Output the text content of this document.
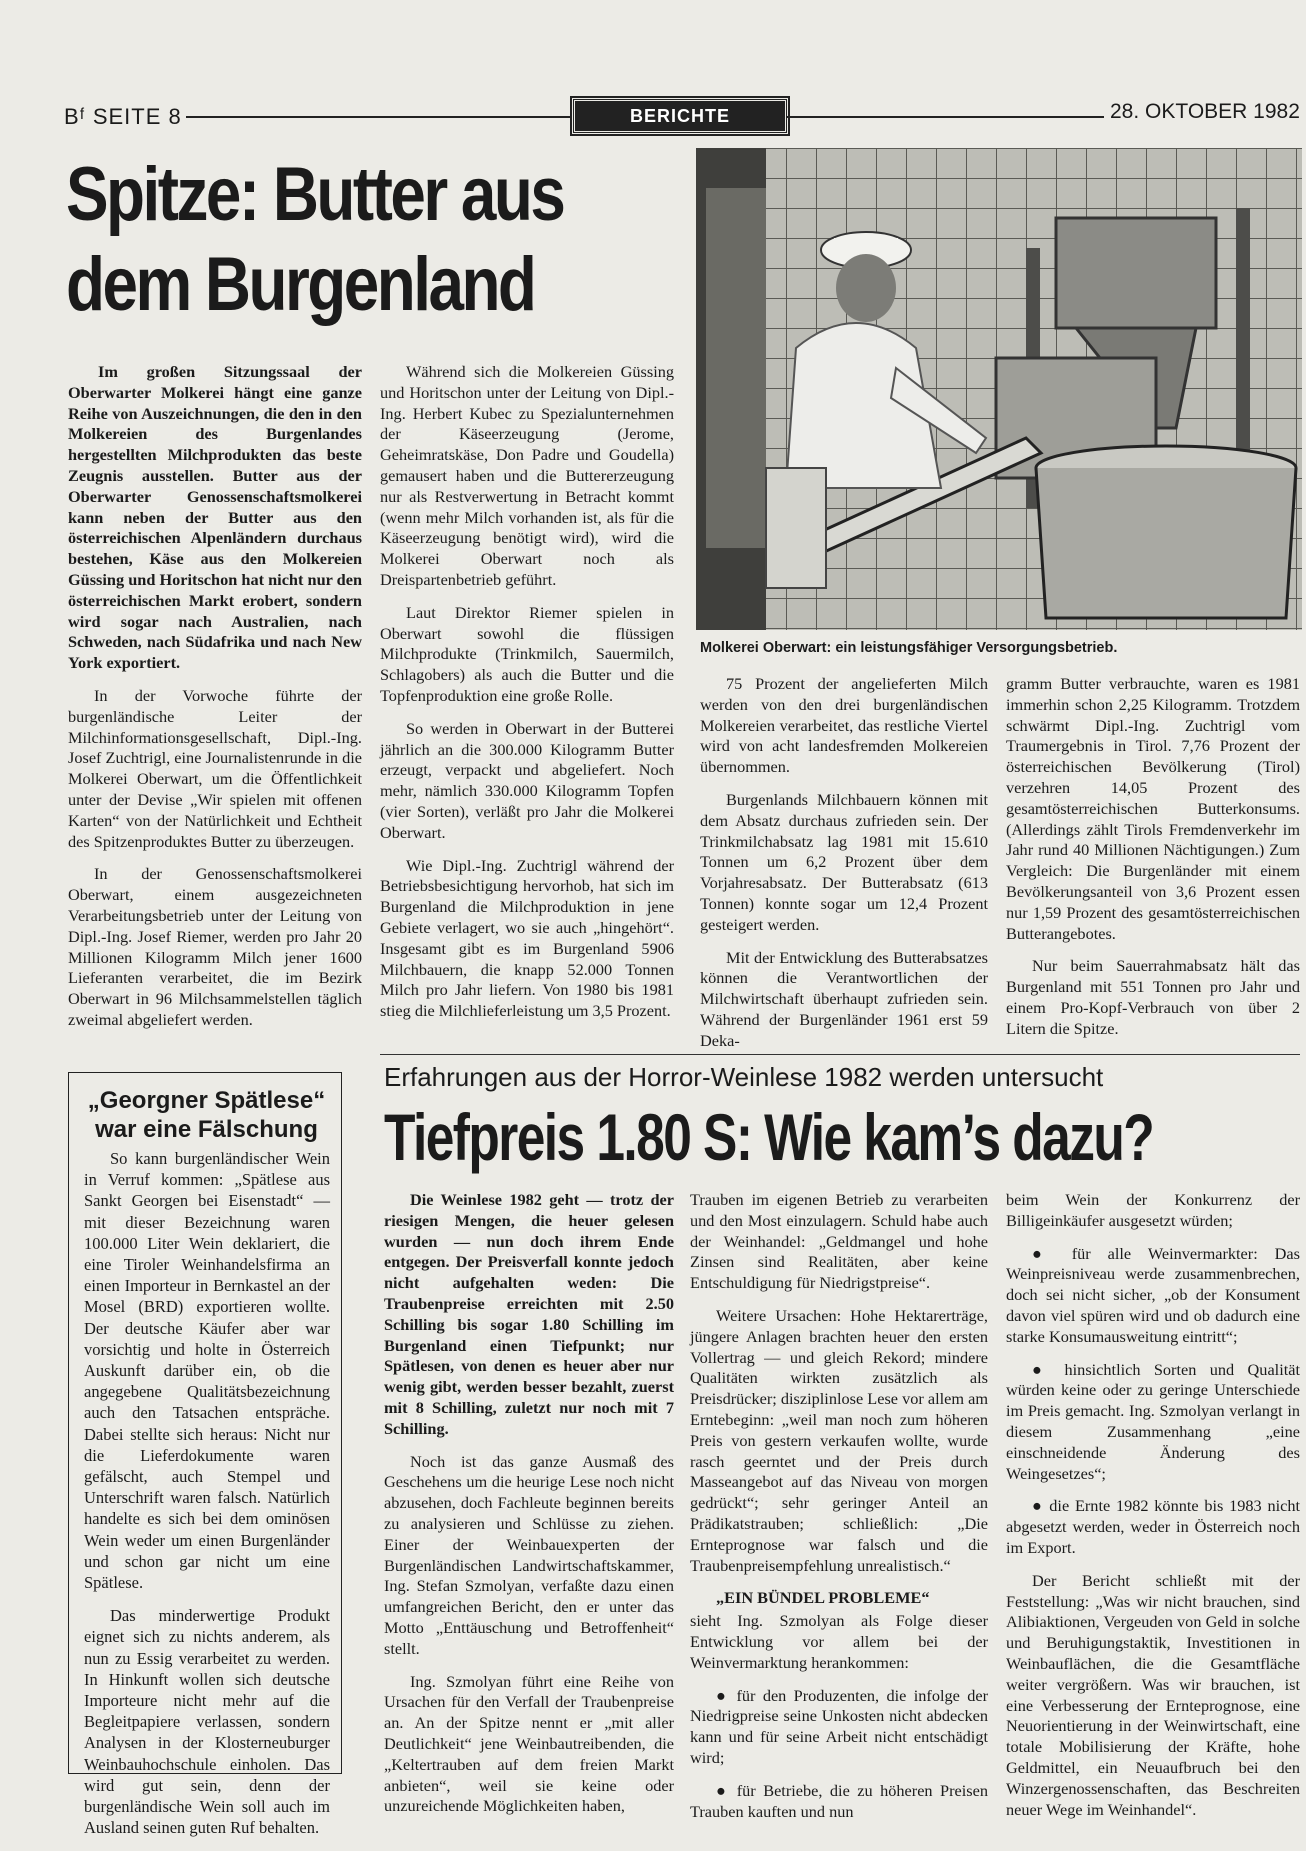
Bᶠ SEITE 8	BERICHTE	28. OKTOBER 1982
Spitze: Butter aus
dem Burgenland
Molkerei Oberwart: ein leistungsfähiger Versorgungsbetrieb.

Im großen Sitzungssaal der Oberwarter Molkerei hängt eine ganze Reihe von Auszeichnungen, die den in den Molkereien des Burgenlandes hergestellten Milchprodukten das beste Zeugnis ausstellen. Butter aus der Oberwarter Genossenschaftsmolkerei kann neben der Butter aus den österreichischen Alpenländern durchaus bestehen, Käse aus den Molkereien Güssing und Horitschon hat nicht nur den österreichischen Markt erobert, sondern wird sogar nach Australien, nach Schweden, nach Südafrika und nach New York exportiert.

In der Vorwoche führte der burgenländische Leiter der Milchinformationsgesellschaft, Dipl.-Ing. Josef Zuchtrigl, eine Journalistenrunde in die Molkerei Oberwart, um die Öffentlichkeit unter der Devise „Wir spielen mit offenen Karten“ von der Natürlichkeit und Echtheit des Spitzenproduktes Butter zu überzeugen.

In der Genossenschaftsmolkerei Oberwart, einem ausgezeichneten Verarbeitungsbetrieb unter der Leitung von Dipl.-Ing. Josef Riemer, werden pro Jahr 20 Millionen Kilogramm Milch jener 1600 Lieferanten verarbeitet, die im Bezirk Oberwart in 96 Milchsammelstellen täglich zweimal abgeliefert werden.

Während sich die Molkereien Güssing und Horitschon unter der Leitung von Dipl.-Ing. Herbert Kubec zu Spezialunternehmen der Käseerzeugung (Jerome, Geheimratskäse, Don Padre und Goudella) gemausert haben und die Buttererzeugung nur als Restverwertung in Betracht kommt (wenn mehr Milch vorhanden ist, als für die Käseerzeugung benötigt wird), wird die Molkerei Oberwart noch als Dreispartenbetrieb geführt.

Laut Direktor Riemer spielen in Oberwart sowohl die flüssigen Milchprodukte (Trinkmilch, Sauermilch, Schlagobers) als auch die Butter und die Topfenproduktion eine große Rolle.

So werden in Oberwart in der Butterei jährlich an die 300.000 Kilogramm Butter erzeugt, verpackt und abgeliefert. Noch mehr, nämlich 330.000 Kilogramm Topfen (vier Sorten), verläßt pro Jahr die Molkerei Oberwart.

Wie Dipl.-Ing. Zuchtrigl während der Betriebsbesichtigung hervorhob, hat sich im Burgenland die Milchproduktion in jene Gebiete verlagert, wo sie auch „hingehört“. Insgesamt gibt es im Burgenland 5906 Milchbauern, die knapp 52.000 Tonnen Milch pro Jahr liefern. Von 1980 bis 1981 stieg die Milchlieferleistung um 3,5 Prozent.

75 Prozent der angelieferten Milch werden von den drei burgenländischen Molkereien verarbeitet, das restliche Viertel wird von acht landesfremden Molkereien übernommen.

Burgenlands Milchbauern können mit dem Absatz durchaus zufrieden sein. Der Trinkmilchabsatz lag 1981 mit 15.610 Tonnen um 6,2 Prozent über dem Vorjahresabsatz. Der Butterabsatz (613 Tonnen) konnte sogar um 12,4 Prozent gesteigert werden.

Mit der Entwicklung des Butterabsatzes können die Verantwortlichen der Milchwirtschaft überhaupt zufrieden sein. Während der Burgenländer 1961 erst 59 Deka-

gramm Butter verbrauchte, waren es 1981 immerhin schon 2,25 Kilogramm. Trotzdem schwärmt Dipl.-Ing. Zuchtrigl vom Traumergebnis in Tirol. 7,76 Prozent der österreichischen Bevölkerung (Tirol) verzehren 14,05 Prozent des gesamtösterreichischen Butterkonsums. (Allerdings zählt Tirols Fremdenverkehr im Jahr rund 40 Millionen Nächtigungen.) Zum Vergleich: Die Burgenländer mit einem Bevölkerungsanteil von 3,6 Prozent essen nur 1,59 Prozent des gesamtösterreichischen Butterangebotes.

Nur beim Sauerrahmabsatz hält das Burgenland mit 551 Tonnen pro Jahr und einem Pro-Kopf-Verbrauch von über 2 Litern die Spitze.

„Georgner Spätlese“
war eine Fälschung

So kann burgenländischer Wein in Verruf kommen: „Spätlese aus Sankt Georgen bei Eisenstadt“ — mit dieser Bezeichnung waren 100.000 Liter Wein deklariert, die eine Tiroler Weinhandelsfirma an einen Importeur in Bernkastel an der Mosel (BRD) exportieren wollte. Der deutsche Käufer aber war vorsichtig und holte in Österreich Auskunft darüber ein, ob die angegebene Qualitätsbezeichnung auch den Tatsachen entspräche. Dabei stellte sich heraus: Nicht nur die Lieferdokumente waren gefälscht, auch Stempel und Unterschrift waren falsch. Natürlich handelte es sich bei dem ominösen Wein weder um einen Burgenländer und schon gar nicht um eine Spätlese.

Das minderwertige Produkt eignet sich zu nichts anderem, als nun zu Essig verarbeitet zu werden. In Hinkunft wollen sich deutsche Importeure nicht mehr auf die Begleitpapiere verlassen, sondern Analysen in der Klosterneuburger Weinbauhochschule einholen. Das wird gut sein, denn der burgenländische Wein soll auch im Ausland seinen guten Ruf behalten.

Erfahrungen aus der Horror-Weinlese 1982 werden untersucht
Tiefpreis 1.80 S: Wie kam’s dazu?

Die Weinlese 1982 geht — trotz der riesigen Mengen, die heuer gelesen wurden — nun doch ihrem Ende entgegen. Der Preisverfall konnte jedoch nicht aufgehalten weden: Die Traubenpreise erreichten mit 2.50 Schilling bis sogar 1.80 Schilling im Burgenland einen Tiefpunkt; nur Spätlesen, von denen es heuer aber nur wenig gibt, werden besser bezahlt, zuerst mit 8 Schilling, zuletzt nur noch mit 7 Schilling.

Noch ist das ganze Ausmaß des Geschehens um die heurige Lese noch nicht abzusehen, doch Fachleute beginnen bereits zu analysieren und Schlüsse zu ziehen. Einer der Weinbauexperten der Burgenländischen Landwirtschaftskammer, Ing. Stefan Szmolyan, verfaßte dazu einen umfangreichen Bericht, den er unter das Motto „Enttäuschung und Betroffenheit“ stellt.

Ing. Szmolyan führt eine Reihe von Ursachen für den Verfall der Traubenpreise an. An der Spitze nennt er „mit aller Deutlichkeit“ jene Weinbautreibenden, die „Keltertrauben auf dem freien Markt anbieten“, weil sie keine oder unzureichende Möglichkeiten haben,

Trauben im eigenen Betrieb zu verarbeiten und den Most einzulagern. Schuld habe auch der Weinhandel: „Geldmangel und hohe Zinsen sind Realitäten, aber keine Entschuldigung für Niedrigstpreise“.

Weitere Ursachen: Hohe Hektarerträge, jüngere Anlagen brachten heuer den ersten Vollertrag — und gleich Rekord; mindere Qualitäten wirkten zusätzlich als Preisdrücker; disziplinlose Lese vor allem am Erntebeginn: „weil man noch zum höheren Preis von gestern verkaufen wollte, wurde rasch geerntet und der Preis durch Masseangebot auf das Niveau von morgen gedrückt“; sehr geringer Anteil an Prädikatstrauben; schließlich: „Die Ernteprognose war falsch und die Traubenpreisempfehlung unrealistisch.“

„EIN BÜNDEL PROBLEME“

sieht Ing. Szmolyan als Folge dieser Entwicklung vor allem bei der Weinvermarktung herankommen:

● für den Produzenten, die infolge der Niedrigpreise seine Unkosten nicht abdecken kann und für seine Arbeit nicht entschädigt wird;

● für Betriebe, die zu höheren Preisen Trauben kauften und nun

beim Wein der Konkurrenz der Billigeinkäufer ausgesetzt würden;

● für alle Weinvermarkter: Das Weinpreisniveau werde zusammenbrechen, doch sei nicht sicher, „ob der Konsument davon viel spüren wird und ob dadurch eine starke Konsumausweitung eintritt“;

● hinsichtlich Sorten und Qualität würden keine oder zu geringe Unterschiede im Preis gemacht. Ing. Szmolyan verlangt in diesem Zusammenhang „eine einschneidende Änderung des Weingesetzes“;

● die Ernte 1982 könnte bis 1983 nicht abgesetzt werden, weder in Österreich noch im Export.

Der Bericht schließt mit der Feststellung: „Was wir nicht brauchen, sind Alibiaktionen, Vergeuden von Geld in solche und Beruhigungstaktik, Investitionen in Weinbauflächen, die die Gesamtfläche weiter vergrößern. Was wir brauchen, ist eine Verbesserung der Ernteprognose, eine Neuorientierung in der Weinwirtschaft, eine totale Mobilisierung der Kräfte, hohe Geldmittel, ein Neuaufbruch bei den Winzergenossenschaften, das Beschreiten neuer Wege im Weinhandel“.
